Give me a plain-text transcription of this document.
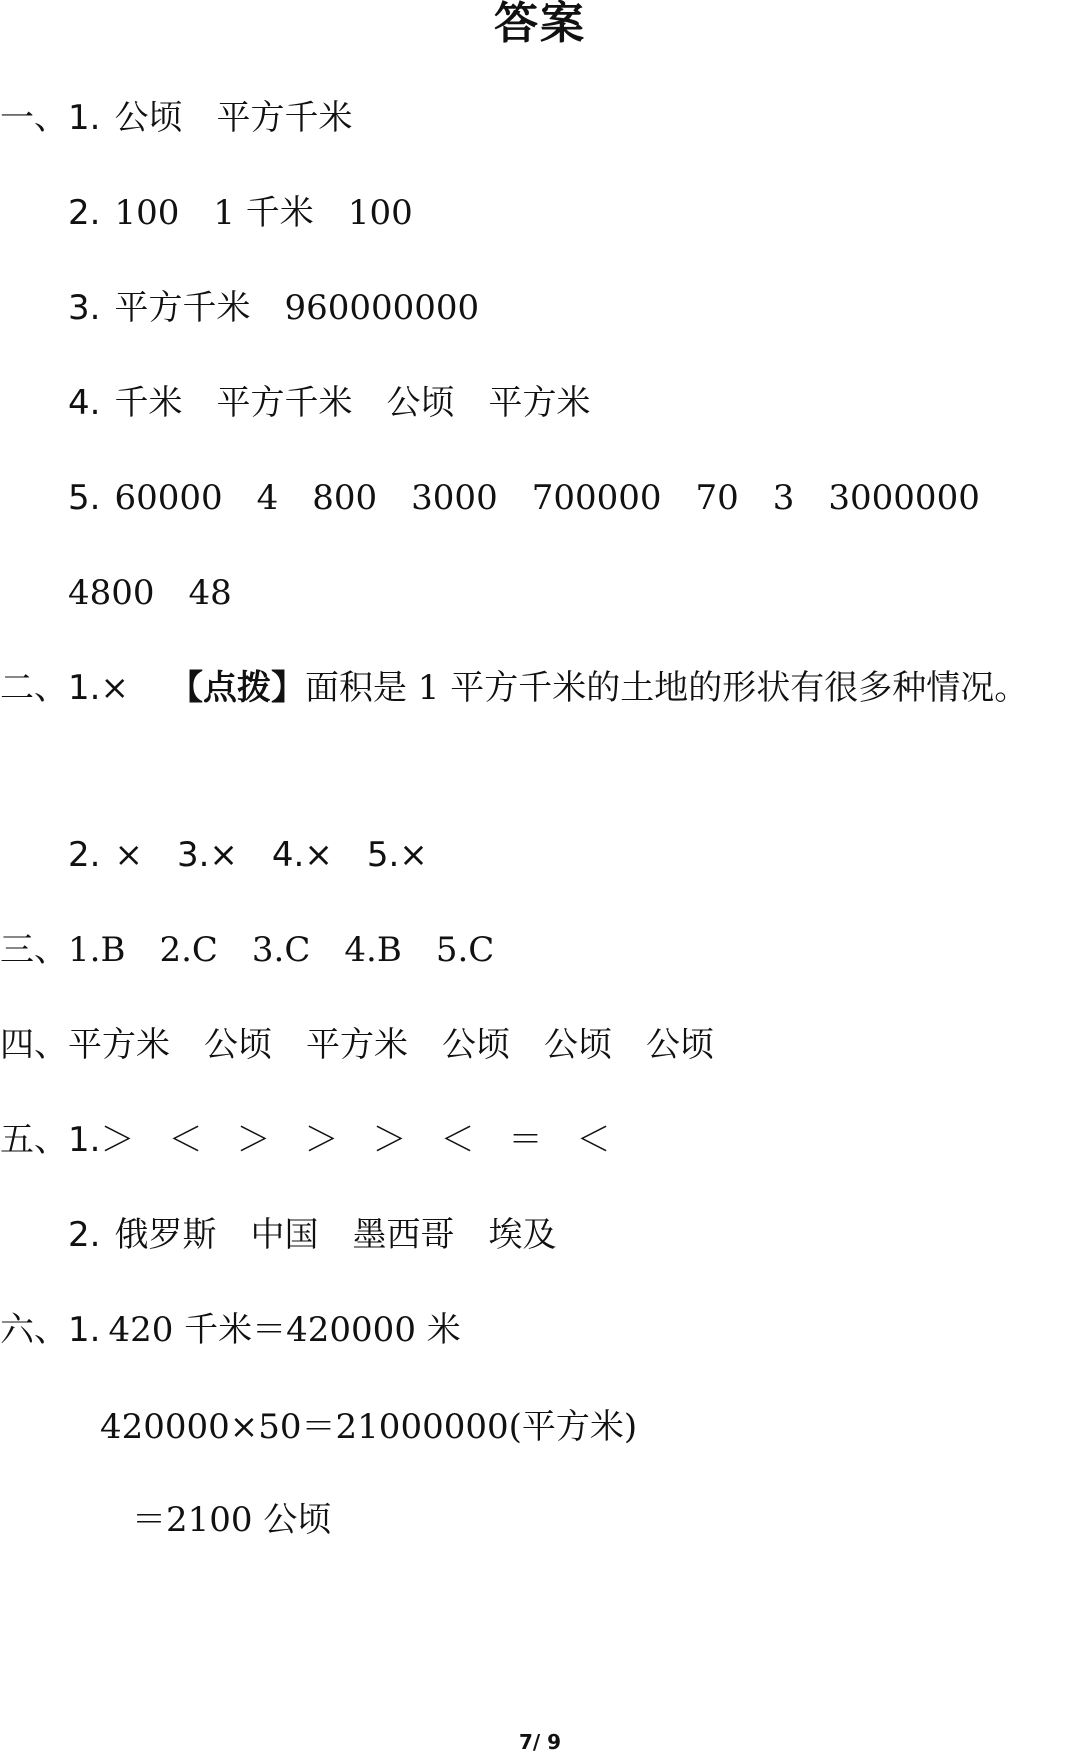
答案
一、1. 公顷 平方千米
2. 100 1 千米 100
3. 平方千米 960000000
4. 千米 平方千米 公顷 平方米
5. 60000 4 800 3000 700000 70 3 3000000
4800 48
二、1.× 【点拨】面积是 1 平方千米的土地的形状有很多种情况。
2. × 3.× 4.× 5.×
三、1.B 2.C 3.C 4.B 5.C
四、平方米 公顷 平方米 公顷 公顷 公顷
五、1.＞ ＜ ＞ ＞ ＞ ＜ ＝ ＜
2. 俄罗斯 中国 墨西哥 埃及
六、1. 420 千米＝420000 米
420000×50＝21000000(平方米)
＝2100 公顷
7/ 9
